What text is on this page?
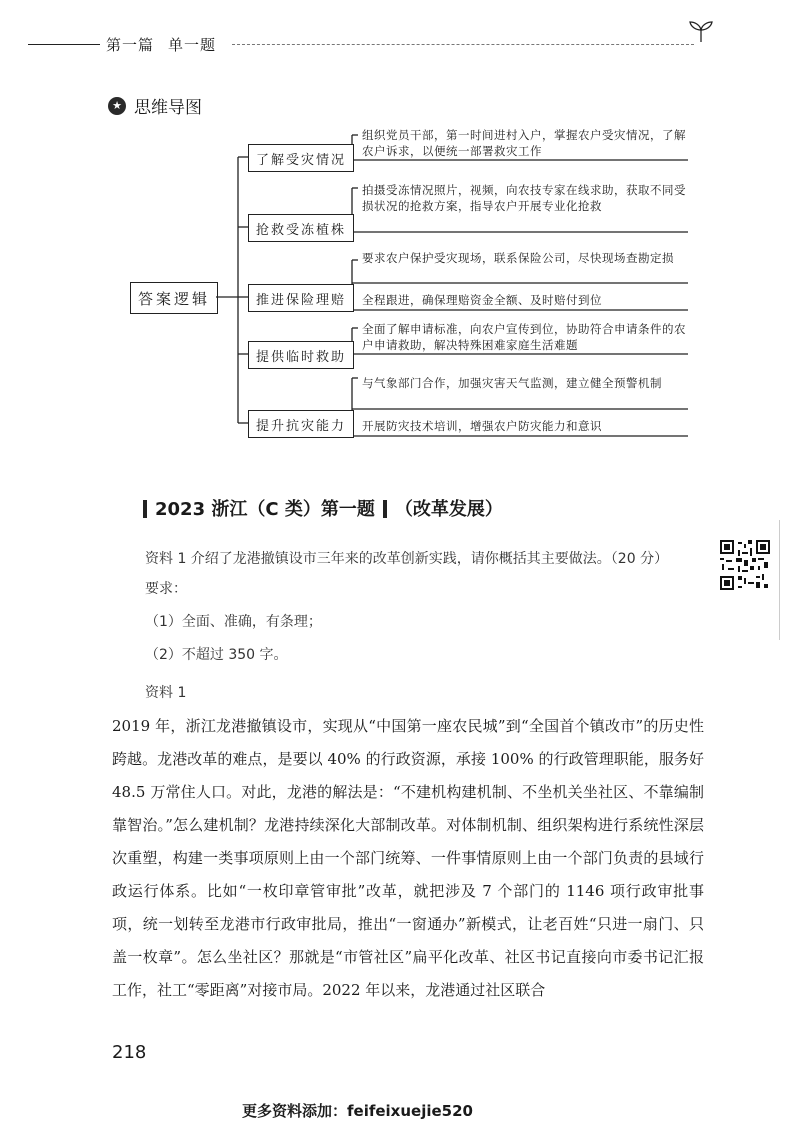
第一篇 单一题
★ 思维导图
答案逻辑
了解受灾情况
抢救受冻植株
推进保险理赔
提供临时救助
提升抗灾能力
组织党员干部，第一时间进村入户，掌握农户受灾情况，了解农户诉求，以便统一部署救灾工作
拍摄受冻情况照片，视频，向农技专家在线求助，获取不同受损状况的抢救方案，指导农户开展专业化抢救
要求农户保护受灾现场，联系保险公司，尽快现场查勘定损
全程跟进，确保理赔资金全额、及时赔付到位
全面了解申请标准，向农户宣传到位，协助符合申请条件的农户申请救助，解决特殊困难家庭生活难题
与气象部门合作，加强灾害天气监测，建立健全预警机制
开展防灾技术培训，增强农户防灾能力和意识
2023 浙江（C 类）第一题 （改革发展）
资料 1 介绍了龙港撤镇设市三年来的改革创新实践，请你概括其主要做法。（20 分）
要求：
（1）全面、准确，有条理；
（2）不超过 350 字。
资料 1
2019 年，浙江龙港撤镇设市，实现从“中国第一座农民城”到“全国首个镇改市”的历史性跨越。龙港改革的难点，是要以 40% 的行政资源，承接 100% 的行政管理职能，服务好 48.5 万常住人口。对此，龙港的解法是：“不建机构建机制、不坐机关坐社区、不靠编制靠智治。”怎么建机制？龙港持续深化大部制改革。对体制机制、组织架构进行系统性深层次重塑，构建一类事项原则上由一个部门统筹、一件事情原则上由一个部门负责的县域行政运行体系。比如“一枚印章管审批”改革，就把涉及 7 个部门的 1146 项行政审批事项，统一划转至龙港市行政审批局，推出“一窗通办”新模式，让老百姓“只进一扇门、只盖一枚章”。怎么坐社区？那就是“市管社区”扁平化改革、社区书记直接向市委书记汇报工作，社工“零距离”对接市局。2022 年以来，龙港通过社区联合
218
更多资料添加：feifeixuejie520
